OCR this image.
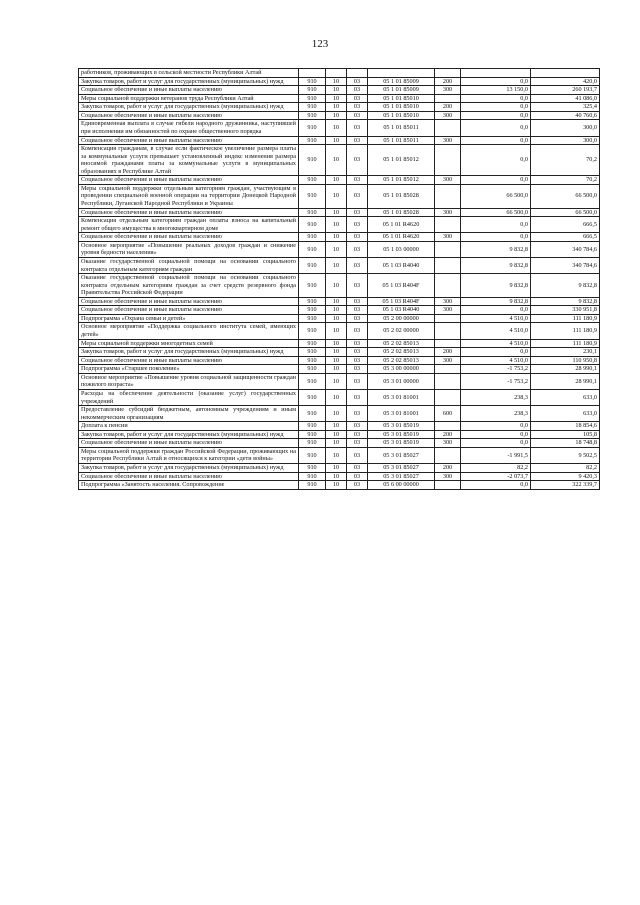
123
работников, проживающих в сельской местности Республики Алтай							
Закупка товаров, работ и услуг для государственных (муниципальных) нужд	910	10	03	05 1 01 85009	200	0,0	420,0
Социальное обеспечение и иные выплаты населению	910	10	03	05 1 01 85009	300	13 150,0	260 193,7
Меры социальной поддержки ветеранов труда Республики Алтай	910	10	03	05 1 01 85010		0,0	41 086,0
Закупка товаров, работ и услуг для государственных (муниципальных) нужд	910	10	03	05 1 01 85010	200	0,0	325,4
Социальное обеспечение и иные выплаты населению	910	10	03	05 1 01 85010	300	0,0	40 760,6
Единовременная выплата в случае гибели народного дружинника, наступившей при исполнении им обязанностей по охране общественного порядка	910	10	03	05 1 01 85011		0,0	300,0
Социальное обеспечение и иные выплаты населению	910	10	03	05 1 01 85011	300	0,0	300,0
Компенсация гражданам, в случае если фактическое увеличение размера платы за коммунальные услуги превышает установленный индекс изменения размера вносимой гражданами платы за коммунальные услуги в муниципальных образованиях в Республике Алтай	910	10	03	05 1 01 85012		0,0	70,2
Социальное обеспечение и иные выплаты населению	910	10	03	05 1 01 85012	300	0,0	70,2
Меры социальной поддержки отдельным категориям граждан, участвующим в проведении специальной военной операции на территории Донецкой Народной Республики, Луганской Народной Республики и Украины	910	10	03	05 1 01 85028		66 500,0	66 500,0
Социальное обеспечение и иные выплаты населению	910	10	03	05 1 01 85028	300	66 500,0	66 500,0
Компенсация отдельным категориям граждан оплаты взноса на капитальный ремонт общего имущества в многоквартирном доме	910	10	03	05 1 01 R4620		0,0	666,5
Социальное обеспечение и иные выплаты населению	910	10	03	05 1 01 R4620	300	0,0	666,5
Основное мероприятие «Повышение реальных доходов граждан и снижение уровня бедности населения»	910	10	03	05 1 03 00000		9 832,8	340 784,6
Оказание государственной социальной помощи на основании социального контракта отдельным категориям граждан	910	10	03	05 1 03 R4040		9 832,8	340 784,6
Оказание государственной социальной помощи на основании социального контракта отдельным категориям граждан за счет средств резервного фонда Правительства Российской Федерации	910	10	03	05 1 03 R404F		9 832,8	9 832,8
Социальное обеспечение и иные выплаты населению	910	10	03	05 1 03 R404F	300	9 832,8	9 832,8
Социальное обеспечение и иные выплаты населению	910	10	03	05 1 03 R4040	300	0,0	330 951,8
Подпрограмма «Охрана семьи и детей»	910	10	03	05 2 00 00000		4 510,0	111 180,9
Основное мероприятие «Поддержка социального института семей, имеющих детей»	910	10	03	05 2 02 00000		4 510,0	111 180,9
Меры социальной поддержки многодетных семей	910	10	03	05 2 02 85013		4 510,0	111 180,9
Закупка товаров, работ и услуг для государственных (муниципальных) нужд	910	10	03	05 2 02 85013	200	0,0	230,1
Социальное обеспечение и иные выплаты населению	910	10	03	05 2 02 85013	300	4 510,0	110 950,8
Подпрограмма «Старшее поколение»	910	10	03	05 3 00 00000		-1 753,2	28 990,1
Основное мероприятие «Повышение уровня социальной защищенности граждан пожилого возраста»	910	10	03	05 3 01 00000		-1 753,2	28 990,1
Расходы на обеспечение деятельности (оказание услуг) государственных учреждений	910	10	03	05 3 01 81001		238,3	633,0
Предоставление субсидий бюджетным, автономным учреждениям и иным некоммерческим организациям	910	10	03	05 3 01 81001	600	238,3	633,0
Доплата к пенсии	910	10	03	05 3 01 85019		0,0	18 854,6
Закупка товаров, работ и услуг для государственных (муниципальных) нужд	910	10	03	05 3 01 85019	200	0,0	105,8
Социальное обеспечение и иные выплаты населению	910	10	03	05 3 01 85019	300	0,0	18 748,8
Меры социальной поддержки граждан Российской Федерации, проживающих на территории Республики Алтай и относящихся к категории «дети войны»	910	10	03	05 3 01 85027		-1 991,5	9 502,5
Закупка товаров, работ и услуг для государственных (муниципальных) нужд	910	10	03	05 3 01 85027	200	82,2	82,2
Социальное обеспечение и иные выплаты населению	910	10	03	05 3 01 85027	300	-2 073,7	9 420,3
Подпрограмма «Занятость населения. Сопровождение	910	10	03	05 6 00 00000		0,0	322 339,7
